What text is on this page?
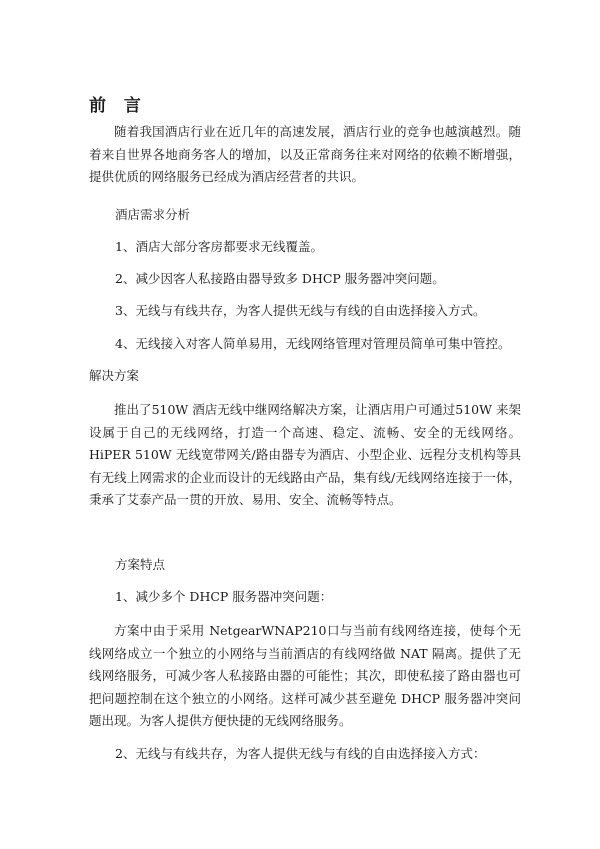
前 言

随着我国酒店行业在近几年的高速发展，酒店行业的竞争也越演越烈。随着来自世界各地商务客人的增加，以及正常商务往来对网络的依赖不断增强，提供优质的网络服务已经成为酒店经营者的共识。

酒店需求分析

1、酒店大部分客房都要求无线覆盖。

2、减少因客人私接路由器导致多 DHCP 服务器冲突问题。

3、无线与有线共存，为客人提供无线与有线的自由选择接入方式。

4、无线接入对客人简单易用，无线网络管理对管理员简单可集中管控。

解决方案

推出了510W 酒店无线中继网络解决方案，让酒店用户可通过510W 来架设属于自己的无线网络，打造一个高速、稳定、流畅、安全的无线网络。HiPER 510W 无线宽带网关/路由器专为酒店、小型企业、远程分支机构等具有无线上网需求的企业而设计的无线路由产品，集有线/无线网络连接于一体，秉承了艾泰产品一贯的开放、易用、安全、流畅等特点。

方案特点

1、减少多个 DHCP 服务器冲突问题：

方案中由于采用 NetgearWNAP210口与当前有线网络连接，使每个无线网络成立一个独立的小网络与当前酒店的有线网络做 NAT 隔离。提供了无线网络服务，可减少客人私接路由器的可能性；其次，即使私接了路由器也可把问题控制在这个独立的小网络。这样可减少甚至避免 DHCP 服务器冲突问题出现。为客人提供方便快捷的无线网络服务。

2、无线与有线共存，为客人提供无线与有线的自由选择接入方式：
